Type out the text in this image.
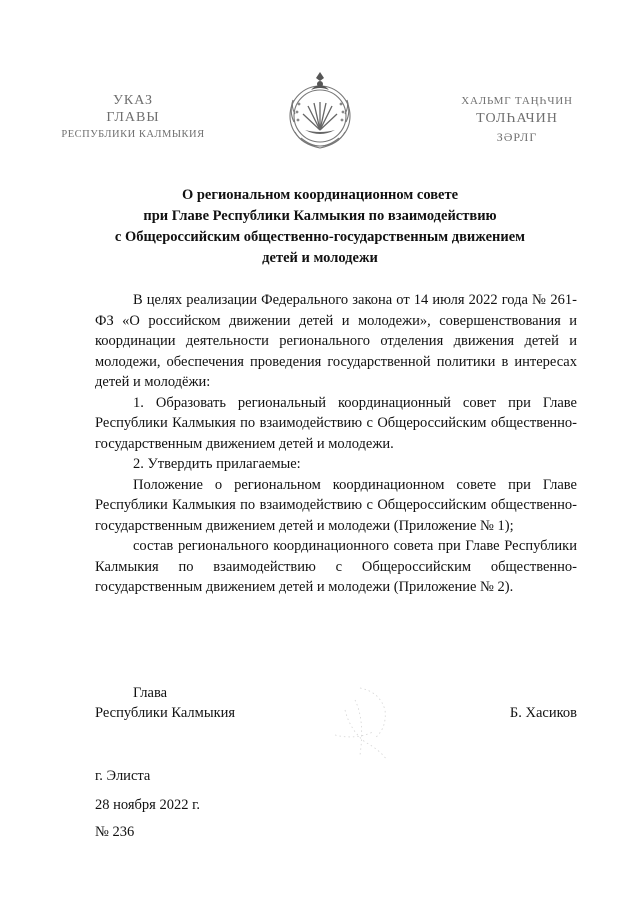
УКАЗ
ГЛАВЫ
РЕСПУБЛИКИ КАЛМЫКИЯ
ХАЛЬМГ ТАҢҺЧИН
ТОЛҺАЧИН
ЗӘРЛГ
О региональном координационном совете
при Главе Республики Калмыкия по взаимодействию
с Общероссийским общественно-государственным движением
детей и молодежи

В целях реализации Федерального закона от 14 июля 2022 года № 261-ФЗ «О российском движении детей и молодежи», совершенствования и координации деятельности регионального отделения движения детей и молодежи, обеспечения проведения государственной политики в интересах детей и молодёжи:

1. Образовать региональный координационный совет при Главе Республики Калмыкия по взаимодействию с Общероссийским общественно-государственным движением детей и молодежи.

2. Утвердить прилагаемые:

Положение о региональном координационном совете при Главе Республики Калмыкия по взаимодействию с Общероссийским общественно-государственным движением детей и молодежи (Приложение № 1);

состав регионального координационного совета при Главе Республики Калмыкия по взаимодействию с Общероссийским общественно-государственным движением детей и молодежи (Приложение № 2).

Глава
Республики Калмыкия	Б. Хасиков
г. Элиста
28 ноября 2022 г.
№ 236
